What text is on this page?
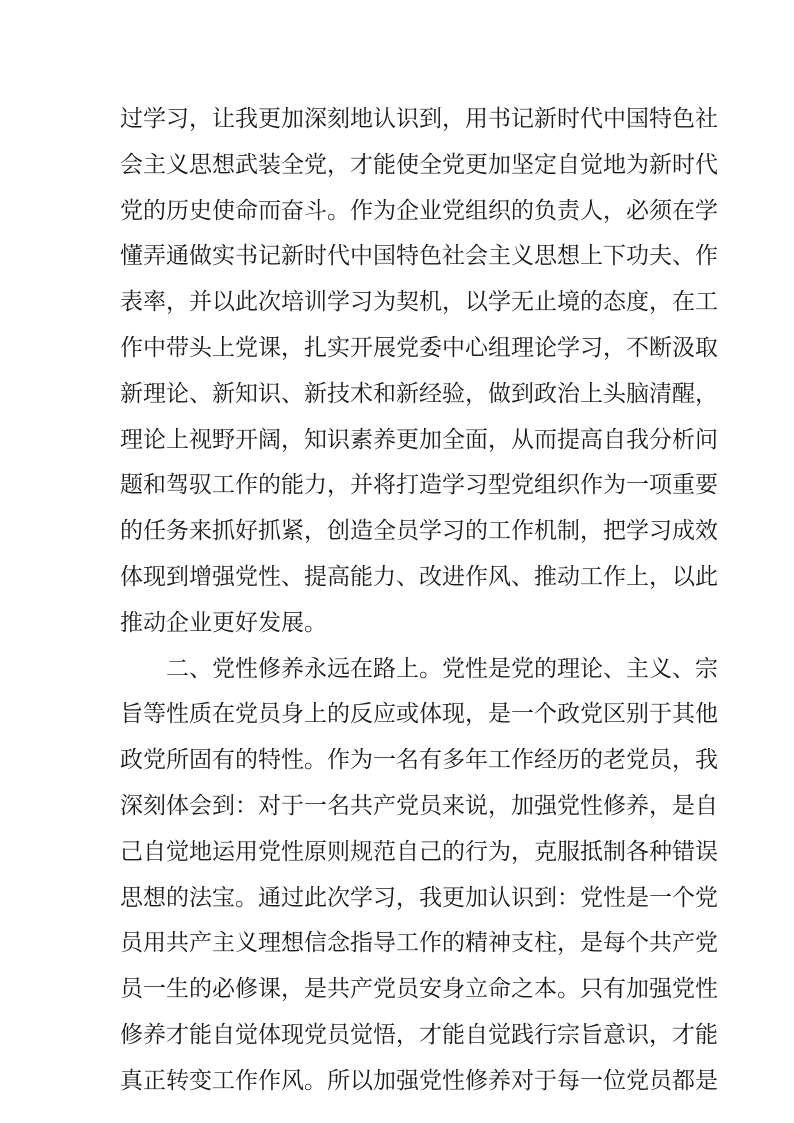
过学习，让我更加深刻地认识到，用书记新时代中国特色社
会主义思想武装全党，才能使全党更加坚定自觉地为新时代
党的历史使命而奋斗。作为企业党组织的负责人，必须在学
懂弄通做实书记新时代中国特色社会主义思想上下功夫、作
表率，并以此次培训学习为契机，以学无止境的态度，在工
作中带头上党课，扎实开展党委中心组理论学习，不断汲取
新理论、新知识、新技术和新经验，做到政治上头脑清醒，
理论上视野开阔，知识素养更加全面，从而提高自我分析问
题和驾驭工作的能力，并将打造学习型党组织作为一项重要
的任务来抓好抓紧，创造全员学习的工作机制，把学习成效
体现到增强党性、提高能力、改进作风、推动工作上，以此
推动企业更好发展。
二、党性修养永远在路上。党性是党的理论、主义、宗
旨等性质在党员身上的反应或体现，是一个政党区别于其他
政党所固有的特性。作为一名有多年工作经历的老党员，我
深刻体会到：对于一名共产党员来说，加强党性修养，是自
己自觉地运用党性原则规范自己的行为，克服抵制各种错误
思想的法宝。通过此次学习，我更加认识到：党性是一个党
员用共产主义理想信念指导工作的精神支柱，是每个共产党
员一生的必修课，是共产党员安身立命之本。只有加强党性
修养才能自觉体现党员觉悟，才能自觉践行宗旨意识，才能
真正转变工作作风。所以加强党性修养对于每一位党员都是
